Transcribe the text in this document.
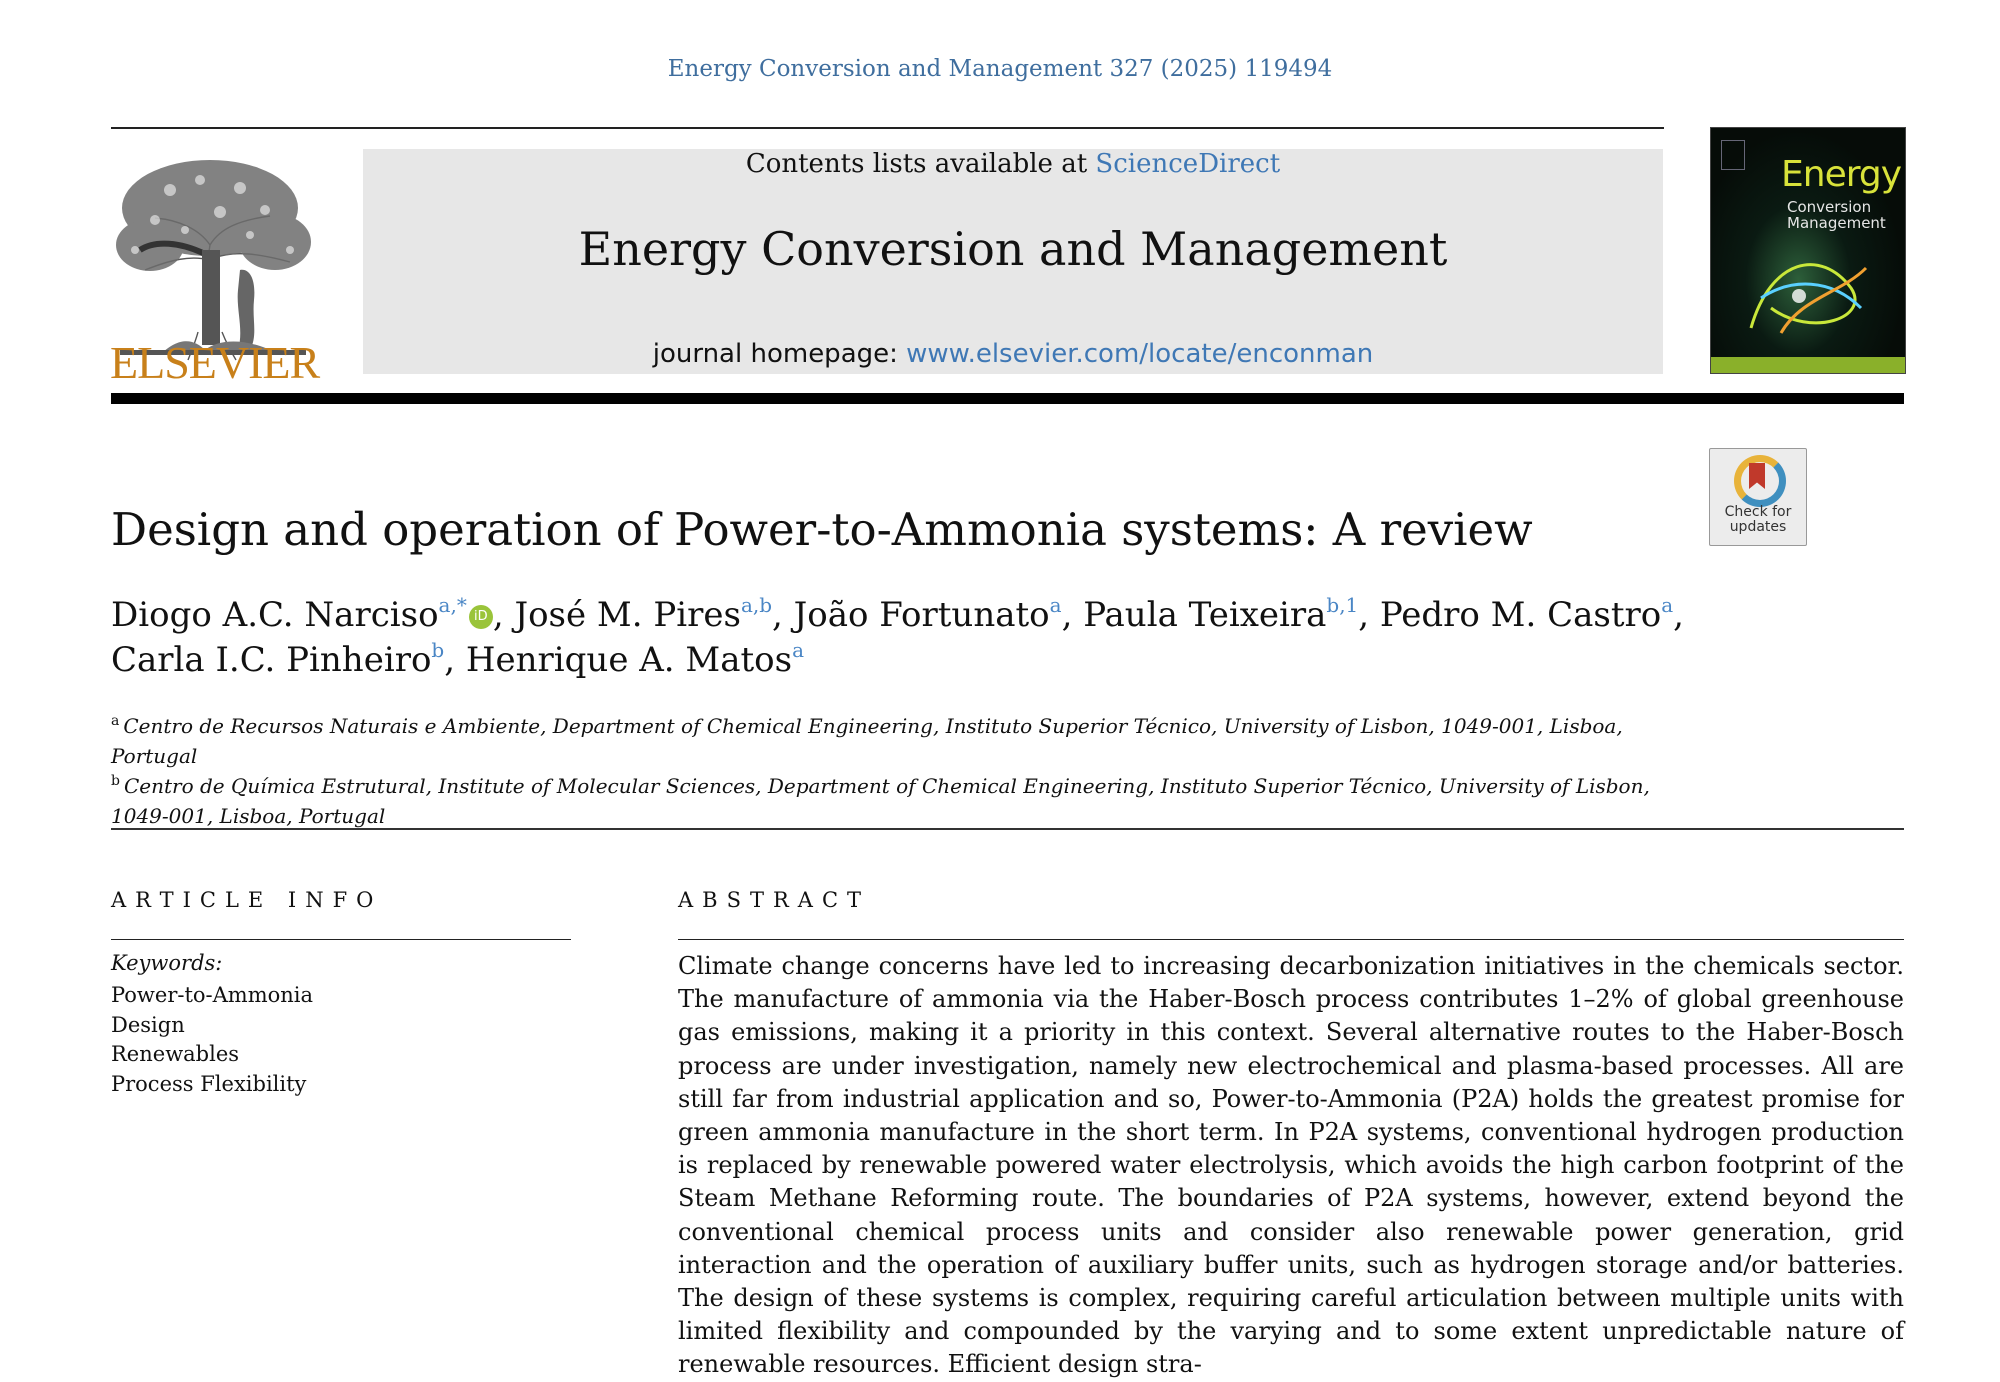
Energy Conversion and Management 327 (2025) 119494
ELSEVIER
Contents lists available at ScienceDirect
Energy Conversion and Management
journal homepage: www.elsevier.com/locate/enconman
Energy
Conversion
Management
Check for
updates
Design and operation of Power-to-Ammonia systems: A review
Diogo A.C. Narciso$^{a,*}$ iD , José M. Pires$^{a,b}$, João Fortunato$^a$, Paula Teixeira$^{b,1}$, Pedro M. Castro$^a$,
Carla I.C. Pinheiro$^b$, Henrique A. Matos$^a$
$^a$ Centro de Recursos Naturais e Ambiente, Department of Chemical Engineering, Instituto Superior Técnico, University of Lisbon, 1049-001, Lisboa, Portugal
$^b$ Centro de Química Estrutural, Institute of Molecular Sciences, Department of Chemical Engineering, Instituto Superior Técnico, University of Lisbon, 1049-001, Lisboa, Portugal
ARTICLE INFO
Keywords:
Power-to-Ammonia
Design
Renewables
Process Flexibility
ABSTRACT
Climate change concerns have led to increasing decarbonization initiatives in the chemicals sector. The manufacture of ammonia via the Haber-Bosch process contributes 1–2% of global greenhouse gas emissions, making it a priority in this context. Several alternative routes to the Haber-Bosch process are under investigation, namely new electrochemical and plasma-based processes. All are still far from industrial application and so, Power-to-Ammonia (P2A) holds the greatest promise for green ammonia manufacture in the short term. In P2A systems, conventional hydrogen production is replaced by renewable powered water electrolysis, which avoids the high carbon footprint of the Steam Methane Reforming route. The boundaries of P2A systems, however, extend beyond the conventional chemical process units and consider also renewable power generation, grid interaction and the operation of auxiliary buffer units, such as hydrogen storage and/or batteries. The design of these systems is complex, requiring careful articulation between multiple units with limited flexibility and compounded by the varying and to some extent unpredictable nature of renewable resources. Efficient design stra-
